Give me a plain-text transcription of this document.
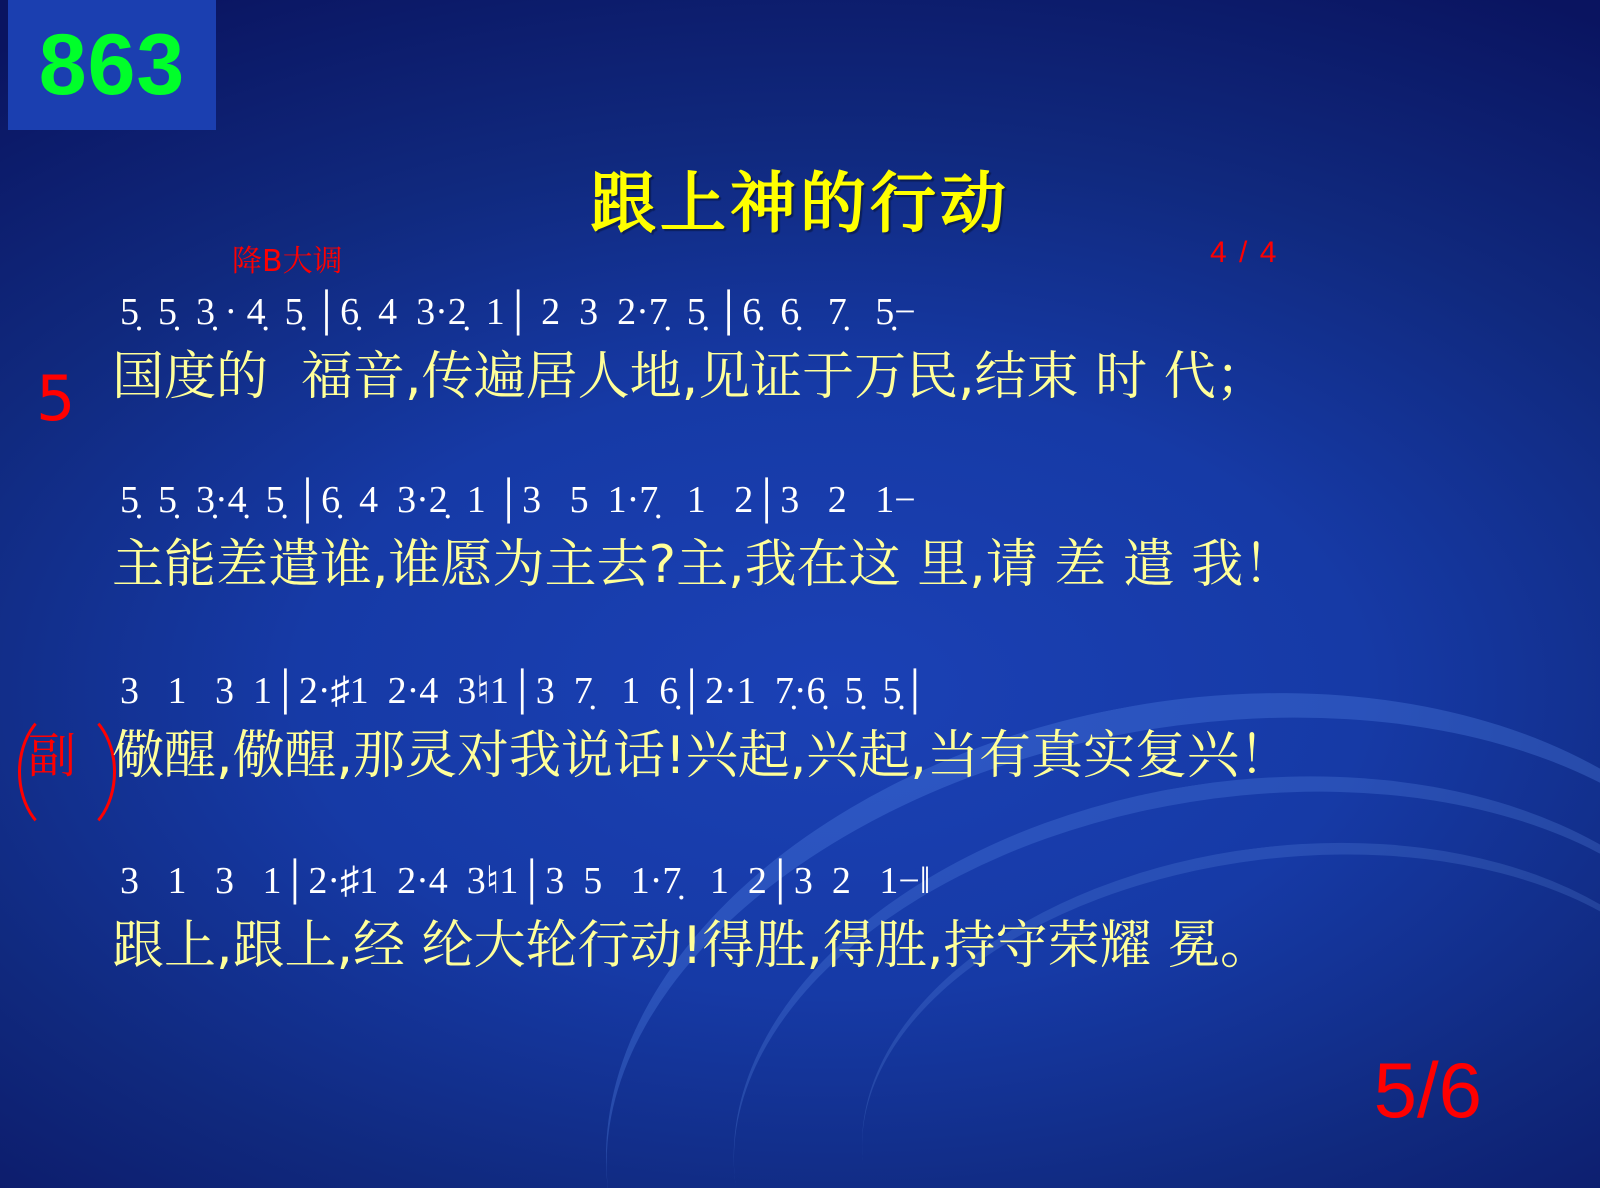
863
跟上神的行动
降B大调	4 / 4
5
副
5̣  5̣  3̣ · 4̣  5̣ │6̣  4  3·2̣  1│ 2  3  2·7̣  5̣ │6̣  6̣   7̣   5̣−
国度的  福音,传遍居人地,见证于万民,结束 时 代；
5̣  5̣  3̣·4̣  5̣ │6̣  4  3·2̣  1 │3   5  1·7̣   1   2│3   2   1−
主能差遣谁,谁愿为主去?主,我在这 里,请 差 遣 我！
3   1   3  1│2·♯1  2·4  3♮1│3  7̣   1  6̣│2·1  7̣·6̣  5̣  5̣│
儆醒,儆醒,那灵对我说话!兴起,兴起,当有真实复兴！
3   1   3   1│2·♯1  2·4  3♮1│3  5   1·7̣   1  2│3  2   1−‖
跟上,跟上,经 纶大轮行动!得胜,得胜,持守荣耀 冕。
5/6
